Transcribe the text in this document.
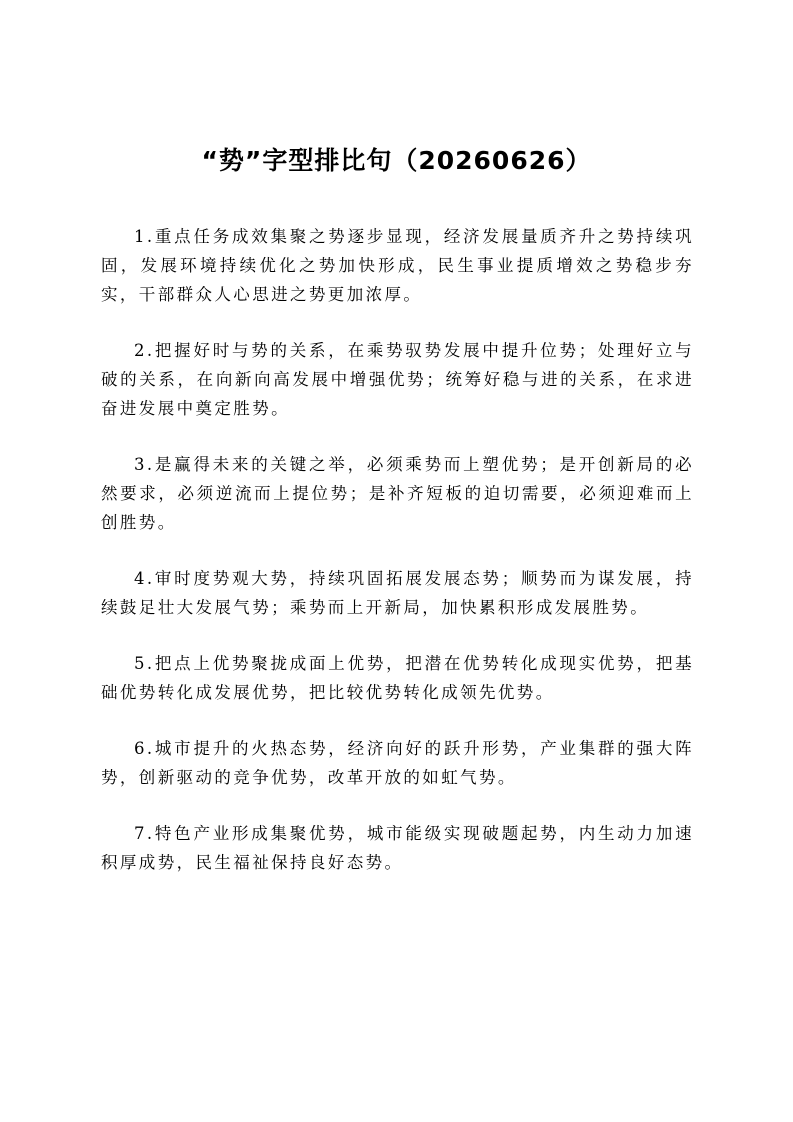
“势”字型排比句（20260626）

1.重点任务成效集聚之势逐步显现，经济发展量质齐升之势持续巩固，发展环境持续优化之势加快形成，民生事业提质增效之势稳步夯实，干部群众人心思进之势更加浓厚。

2.把握好时与势的关系，在乘势驭势发展中提升位势；处理好立与破的关系，在向新向高发展中增强优势；统筹好稳与进的关系，在求进奋进发展中奠定胜势。

3.是赢得未来的关键之举，必须乘势而上塑优势；是开创新局的必然要求，必须逆流而上提位势；是补齐短板的迫切需要，必须迎难而上创胜势。

4.审时度势观大势，持续巩固拓展发展态势；顺势而为谋发展，持续鼓足壮大发展气势；乘势而上开新局，加快累积形成发展胜势。

5.把点上优势聚拢成面上优势，把潜在优势转化成现实优势，把基础优势转化成发展优势，把比较优势转化成领先优势。

6.城市提升的火热态势，经济向好的跃升形势，产业集群的强大阵势，创新驱动的竞争优势，改革开放的如虹气势。

7.特色产业形成集聚优势，城市能级实现破题起势，内生动力加速积厚成势，民生福祉保持良好态势。
